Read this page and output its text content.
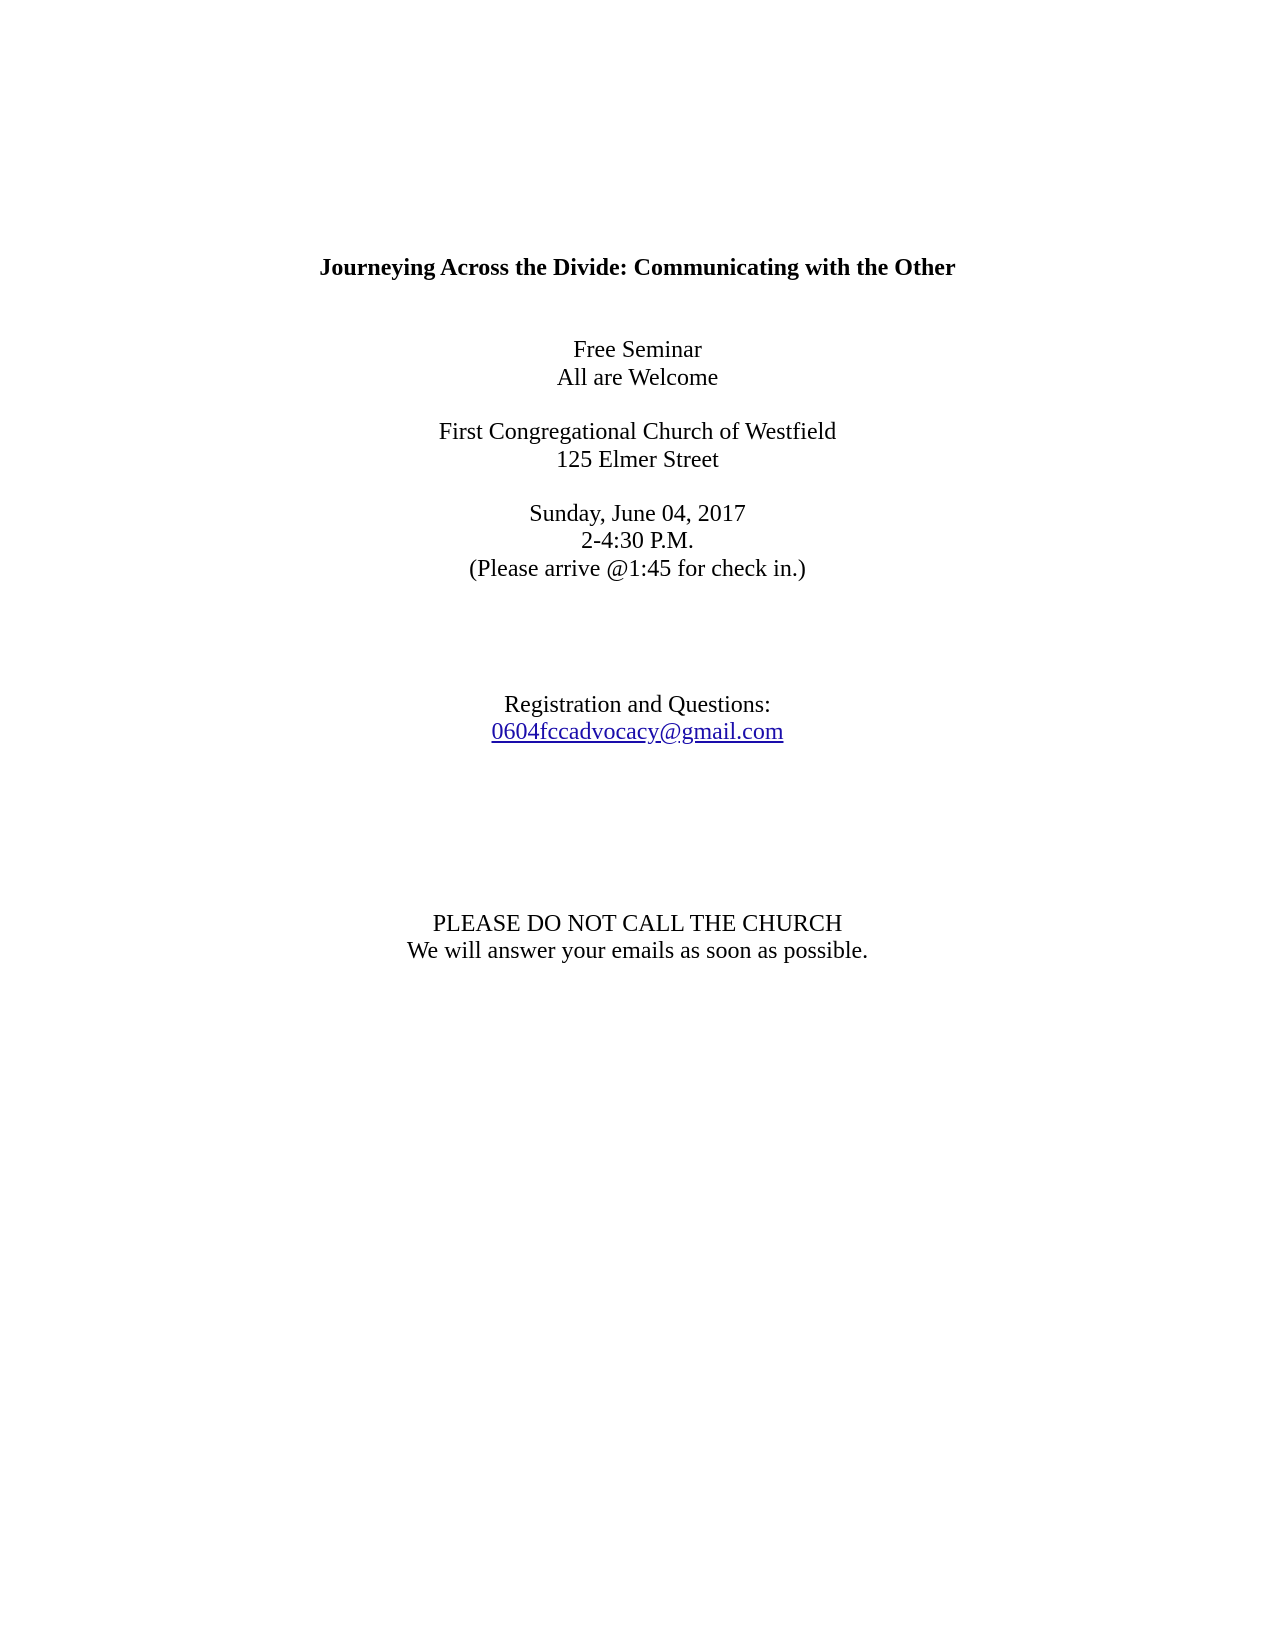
Journeying Across the Divide: Communicating with the Other
Free Seminar
All are Welcome
First Congregational Church of Westfield
125 Elmer Street
Sunday, June 04, 2017
2-4:30 P.M.
(Please arrive @1:45 for check in.)
Registration and Questions:
0604fccadvocacy@gmail.com
PLEASE DO NOT CALL THE CHURCH
We will answer your emails as soon as possible.
